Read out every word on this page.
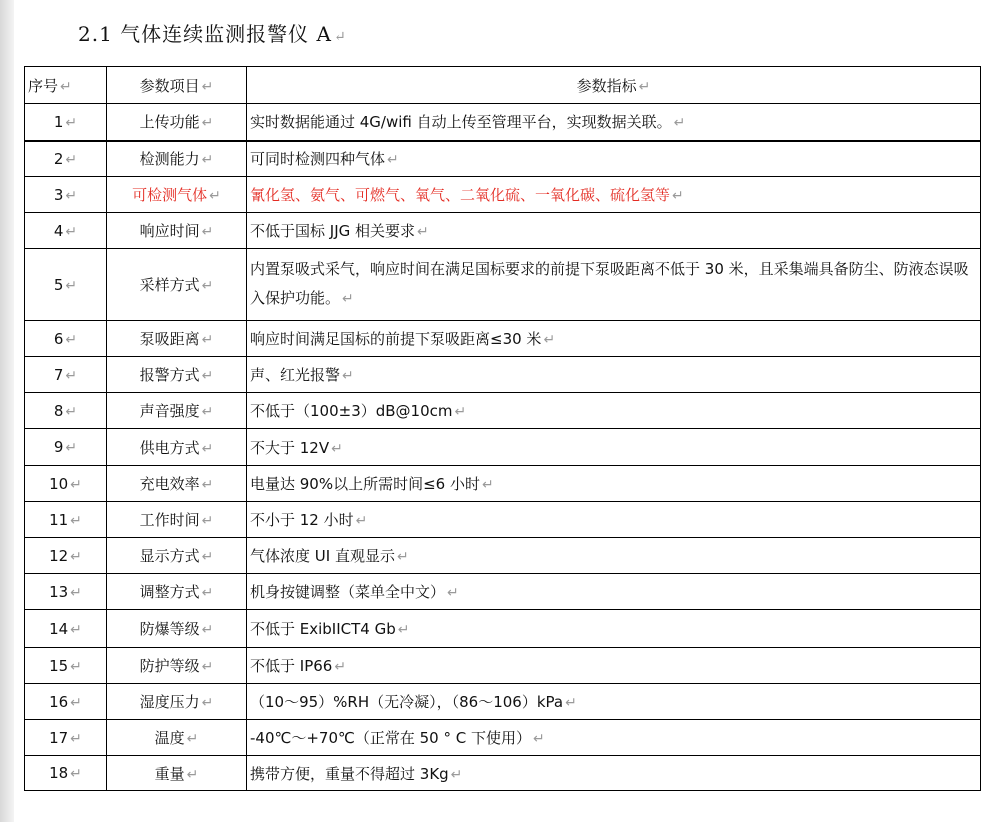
2.1 气体连续监测报警仪 A ↵
序号 ↵	参数项目 ↵	参数指标 ↵
1 ↵	上传功能 ↵	实时数据能通过 4G/wifi 自动上传至管理平台，实现数据关联。 ↵
2 ↵	检测能力 ↵	可同时检测四种气体 ↵
3 ↵	可检测气体 ↵	氰化氢、氨气、可燃气、氧气、二氧化硫、一氧化碳、硫化氢等 ↵
4 ↵	响应时间 ↵	不低于国标 JJG 相关要求 ↵
5 ↵	采样方式 ↵	内置泵吸式采气，响应时间在满足国标要求的前提下泵吸距离不低于 30 米，且采集端具备防尘、防液态误吸入保护功能。 ↵
6 ↵	泵吸距离 ↵	响应时间满足国标的前提下泵吸距离≤30 米 ↵
7 ↵	报警方式 ↵	声、红光报警 ↵
8 ↵	声音强度 ↵	不低于（100±3）dB@10cm ↵
9 ↵	供电方式 ↵	不大于 12V ↵
10 ↵	充电效率 ↵	电量达 90%以上所需时间≤6 小时 ↵
11 ↵	工作时间 ↵	不小于 12 小时 ↵
12 ↵	显示方式 ↵	气体浓度 UI 直观显示 ↵
13 ↵	调整方式 ↵	机身按键调整（菜单全中文） ↵
14 ↵	防爆等级 ↵	不低于 ExibIICT4 Gb ↵
15 ↵	防护等级 ↵	不低于 IP66 ↵
16 ↵	湿度压力 ↵	（10～95）%RH（无冷凝），（86～106）kPa ↵
17 ↵	温度 ↵	-40℃～+70℃（正常在 50 ° C 下使用） ↵
18 ↵	重量 ↵	携带方便，重量不得超过 3Kg ↵
